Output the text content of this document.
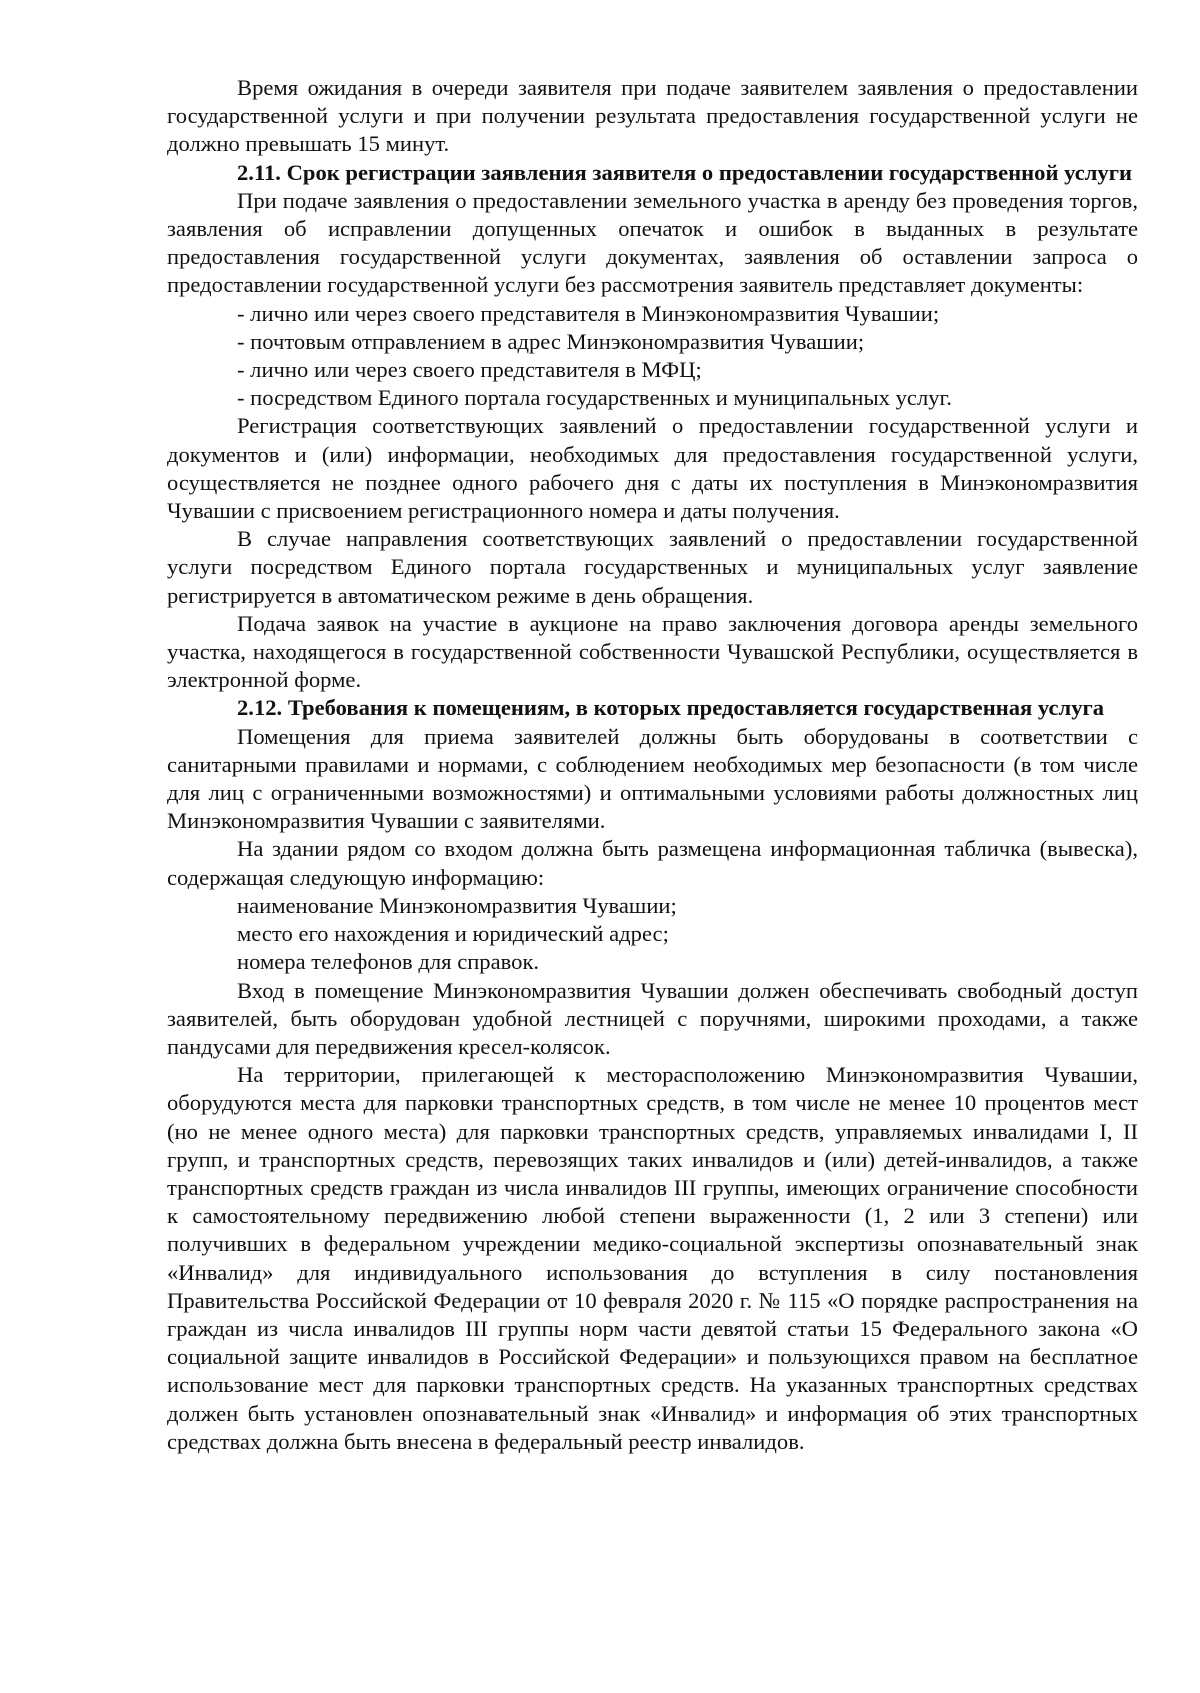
Время ожидания в очереди заявителя при подаче заявителем заявления о предоставлении государственной услуги и при получении результата предоставления государственной услуги не должно превышать 15 минут.

2.11. Срок регистрации заявления заявителя о предоставлении государственной услуги

При подаче заявления о предоставлении земельного участка в аренду без проведения торгов, заявления об исправлении допущенных опечаток и ошибок в выданных в результате предоставления государственной услуги документах, заявления об оставлении запроса о предоставлении государственной услуги без рассмотрения заявитель представляет документы:

- лично или через своего представителя в Минэкономразвития Чувашии;

- почтовым отправлением в адрес Минэкономразвития Чувашии;

- лично или через своего представителя в МФЦ;

- посредством Единого портала государственных и муниципальных услуг.

Регистрация соответствующих заявлений о предоставлении государственной услуги и документов и (или) информации, необходимых для предоставления государственной услуги, осуществляется не позднее одного рабочего дня с даты их поступления в Минэкономразвития Чувашии с присвоением регистрационного номера и даты получения.

В случае направления соответствующих заявлений о предоставлении государственной услуги посредством Единого портала государственных и муниципальных услуг заявление регистрируется в автоматическом режиме в день обращения.

Подача заявок на участие в аукционе на право заключения договора аренды земельного участка, находящегося в государственной собственности Чувашской Республики, осуществляется в электронной форме.

2.12. Требования к помещениям, в которых предоставляется государственная услуга

Помещения для приема заявителей должны быть оборудованы в соответствии с санитарными правилами и нормами, с соблюдением необходимых мер безопасности (в том числе для лиц с ограниченными возможностями) и оптимальными условиями работы должностных лиц Минэкономразвития Чувашии с заявителями.

На здании рядом со входом должна быть размещена информационная табличка (вывеска), содержащая следующую информацию:

наименование Минэкономразвития Чувашии;

место его нахождения и юридический адрес;

номера телефонов для справок.

Вход в помещение Минэкономразвития Чувашии должен обеспечивать свободный доступ заявителей, быть оборудован удобной лестницей с поручнями, широкими проходами, а также пандусами для передвижения кресел-колясок.

На территории, прилегающей к месторасположению Минэкономразвития Чувашии, оборудуются места для парковки транспортных средств, в том числе не менее 10 процентов мест (но не менее одного места) для парковки транспортных средств, управляемых инвалидами I, II групп, и транспортных средств, перевозящих таких инвалидов и (или) детей-инвалидов, а также транспортных средств граждан из числа инвалидов III группы, имеющих ограничение способности к самостоятельному передвижению любой степени выраженности (1, 2 или 3 степени) или получивших в федеральном учреждении медико-социальной экспертизы опознавательный знак «Инвалид» для индивидуального использования до вступления в силу постановления Правительства Российской Федерации от 10 февраля 2020 г. № 115 «О порядке распространения на граждан из числа инвалидов III группы норм части девятой статьи 15 Федерального закона «О социальной защите инвалидов в Российской Федерации» и пользующихся правом на бесплатное использование мест для парковки транспортных средств. На указанных транспортных средствах должен быть установлен опознавательный знак «Инвалид» и информация об этих транспортных средствах должна быть внесена в федеральный реестр инвалидов.
